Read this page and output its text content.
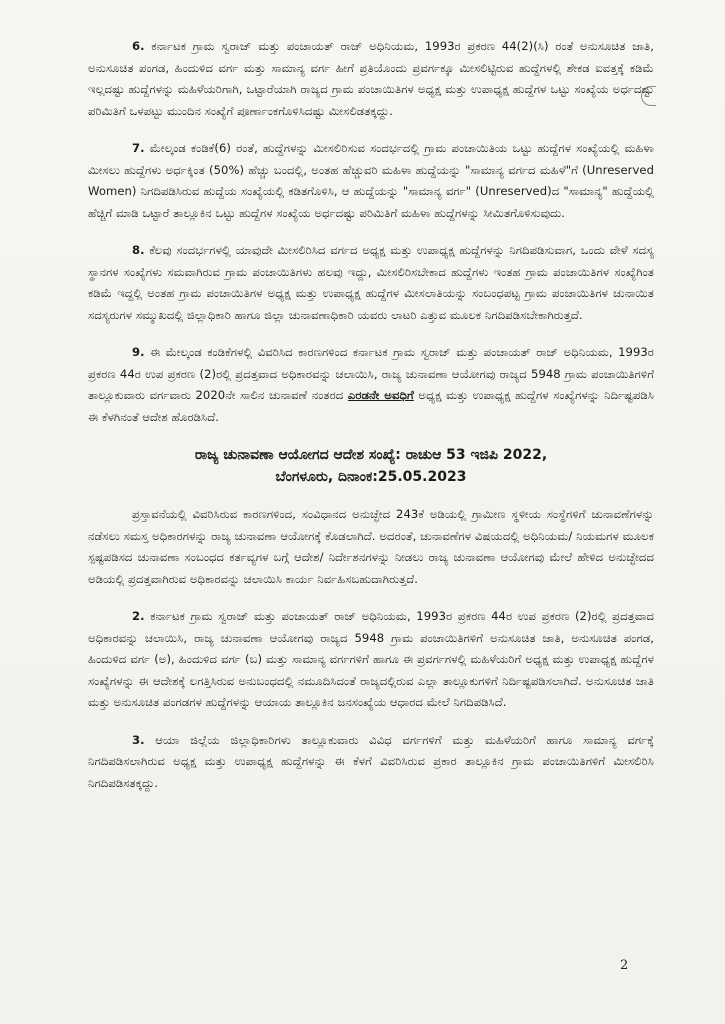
6. ಕರ್ನಾಟಕ ಗ್ರಾಮ ಸ್ವರಾಜ್ ಮತ್ತು ಪಂಚಾಯತ್ ರಾಜ್ ಅಧಿನಿಯಮ, 1993ರ ಪ್ರಕರಣ 44(2)(ಸಿ) ರಂತೆ ಅನುಸೂಚಿತ ಜಾತಿ, ಅನುಸೂಚಿತ ಪಂಗಡ, ಹಿಂದುಳಿದ ವರ್ಗ ಮತ್ತು ಸಾಮಾನ್ಯ ವರ್ಗ ಹೀಗೆ ಪ್ರತಿಯೊಂದು ಪ್ರವರ್ಗಕ್ಕೂ ಮೀಸಲಿಟ್ಟಿರುವ ಹುದ್ದೆಗಳಲ್ಲಿ ಶೇಕಡ ಐವತ್ತಕ್ಕೆ ಕಡಿಮೆ ಇಲ್ಲದಷ್ಟು ಹುದ್ದೆಗಳನ್ನು ಮಹಿಳೆಯರಿಗಾಗಿ, ಒಟ್ಟಾರೆಯಾಗಿ ರಾಜ್ಯದ ಗ್ರಾಮ ಪಂಚಾಯಿತಿಗಳ ಅಧ್ಯಕ್ಷ ಮತ್ತು ಉಪಾಧ್ಯಕ್ಷ ಹುದ್ದೆಗಳ ಒಟ್ಟು ಸಂಖ್ಯೆಯ ಅರ್ಧದಷ್ಟು ಪರಿಮಿತಿಗೆ ಒಳಪಟ್ಟು ಮುಂದಿನ ಸಂಖ್ಯೆಗೆ ಪೂರ್ಣಾಂಕಗೊಳಿಸಿದಷ್ಟು ಮೀಸಲಿಡತಕ್ಕದ್ದು.

7. ಮೇಲ್ಕಂಡ ಕಂಡಿಕೆ(6) ರಂತೆ, ಹುದ್ದೆಗಳನ್ನು ಮೀಸಲಿರಿಸುವ ಸಂದರ್ಭದಲ್ಲಿ ಗ್ರಾಮ ಪಂಚಾಯಿತಿಯ ಒಟ್ಟು ಹುದ್ದೆಗಳ ಸಂಖ್ಯೆಯಲ್ಲಿ ಮಹಿಳಾ ಮೀಸಲು ಹುದ್ದೆಗಳು ಅರ್ಧಕ್ಕಿಂತ (50%) ಹೆಚ್ಚು ಬಂದಲ್ಲಿ, ಅಂತಹ ಹೆಚ್ಚುವರಿ ಮಹಿಳಾ ಹುದ್ದೆಯನ್ನು "ಸಾಮಾನ್ಯ ವರ್ಗದ ಮಹಿಳೆ"ಗೆ (Unreserved Women) ನಿಗದಿಪಡಿಸಿರುವ ಹುದ್ದೆಯ ಸಂಖ್ಯೆಯಲ್ಲಿ ಕಡಿತಗೊಳಿಸಿ, ಆ ಹುದ್ದೆಯನ್ನು "ಸಾಮಾನ್ಯ ವರ್ಗ" (Unreserved)ದ "ಸಾಮಾನ್ಯ" ಹುದ್ದೆಯಲ್ಲಿ ಹೆಚ್ಚಿಗೆ ಮಾಡಿ ಒಟ್ಟಾರೆ ತಾಲ್ಲೂಕಿನ ಒಟ್ಟು ಹುದ್ದೆಗಳ ಸಂಖ್ಯೆಯ ಅರ್ಧದಷ್ಟು ಪರಿಮಿತಿಗೆ ಮಹಿಳಾ ಹುದ್ದೆಗಳನ್ನು ಸೀಮಿತಗೊಳಿಸುವುದು.

8. ಕೆಲವು ಸಂದರ್ಭಗಳಲ್ಲಿ ಯಾವುದೇ ಮೀಸಲಿರಿಸಿದ ವರ್ಗದ ಅಧ್ಯಕ್ಷ ಮತ್ತು ಉಪಾಧ್ಯಕ್ಷ ಹುದ್ದೆಗಳನ್ನು ನಿಗದಿಪಡಿಸುವಾಗ, ಒಂದು ವೇಳೆ ಸದಸ್ಯ ಸ್ಥಾನಗಳ ಸಂಖ್ಯೆಗಳು ಸಮವಾಗಿರುವ ಗ್ರಾಮ ಪಂಚಾಯಿತಿಗಳು ಹಲವು ಇದ್ದು, ಮೀಸಲಿರಿಸಬೇಕಾದ ಹುದ್ದೆಗಳು ಇಂತಹ ಗ್ರಾಮ ಪಂಚಾಯಿತಿಗಳ ಸಂಖ್ಯೆಗಿಂತ ಕಡಿಮೆ ಇದ್ದಲ್ಲಿ ಅಂತಹ ಗ್ರಾಮ ಪಂಚಾಯಿತಿಗಳ ಅಧ್ಯಕ್ಷ ಮತ್ತು ಉಪಾಧ್ಯಕ್ಷ ಹುದ್ದೆಗಳ ಮೀಸಲಾತಿಯನ್ನು ಸಂಬಂಧಪಟ್ಟ ಗ್ರಾಮ ಪಂಚಾಯಿತಿಗಳ ಚುನಾಯಿತ ಸದಸ್ಯರುಗಳ ಸಮ್ಮುಖದಲ್ಲಿ ಜಿಲ್ಲಾಧಿಕಾರಿ ಹಾಗೂ ಜಿಲ್ಲಾ ಚುನಾವಣಾಧಿಕಾರಿ ಯವರು ಲಾಟರಿ ಎತ್ತುವ ಮೂಲಕ ನಿಗದಿಪಡಿಸಬೇಕಾಗಿರುತ್ತದೆ.

9. ಈ ಮೇಲ್ಕಂಡ ಕಂಡಿಕೆಗಳಲ್ಲಿ ವಿವರಿಸಿದ ಕಾರಣಗಳಿಂದ ಕರ್ನಾಟಕ ಗ್ರಾಮ ಸ್ವರಾಜ್ ಮತ್ತು ಪಂಚಾಯತ್ ರಾಜ್ ಅಧಿನಿಯಮ, 1993ರ ಪ್ರಕರಣ 44ರ ಉಪ ಪ್ರಕರಣ (2)ರಲ್ಲಿ ಪ್ರದತ್ತವಾದ ಅಧಿಕಾರವನ್ನು ಚಲಾಯಿಸಿ, ರಾಜ್ಯ ಚುನಾವಣಾ ಆಯೋಗವು ರಾಜ್ಯದ 5948 ಗ್ರಾಮ ಪಂಚಾಯಿತಿಗಳಿಗೆ ತಾಲ್ಲೂಕುವಾರು ವರ್ಗವಾರು 2020ನೇ ಸಾಲಿನ ಚುನಾವಣೆ ನಂತರದ ಎರಡನೇ ಅವಧಿಗೆ ಅಧ್ಯಕ್ಷ ಮತ್ತು ಉಪಾಧ್ಯಕ್ಷ ಹುದ್ದೆಗಳ ಸಂಖ್ಯೆಗಳನ್ನು ನಿರ್ದಿಷ್ಟಪಡಿಸಿ ಈ ಕೆಳಗಿನಂತೆ ಆದೇಶ ಹೊರಡಿಸಿದೆ.

ರಾಜ್ಯ ಚುನಾವಣಾ ಆಯೋಗದ ಆದೇಶ ಸಂಖ್ಯೆ: ರಾಚುಆ 53 ಇಜಿಪಿ 2022,
ಬೆಂಗಳೂರು, ದಿನಾಂಕ:25.05.2023

ಪ್ರಸ್ತಾವನೆಯಲ್ಲಿ ವಿವರಿಸಿರುವ ಕಾರಣಗಳಿಂದ, ಸಂವಿಧಾನದ ಅನುಚ್ಛೇದ 243ಕೆ ಅಡಿಯಲ್ಲಿ ಗ್ರಾಮೀಣ ಸ್ಥಳೀಯ ಸಂಸ್ಥೆಗಳಿಗೆ ಚುನಾವಣೆಗಳನ್ನು ನಡೆಸಲು ಸಮಸ್ತ ಅಧಿಕಾರಗಳನ್ನು ರಾಜ್ಯ ಚುನಾವಣಾ ಆಯೋಗಕ್ಕೆ ಕೊಡಲಾಗಿದೆ. ಅದರಂತೆ, ಚುನಾವಣೆಗಳ ವಿಷಯದಲ್ಲಿ ಅಧಿನಿಯಮ/ ನಿಯಮಗಳ ಮೂಲಕ ಸ್ಪಷ್ಟಪಡಿಸದ ಚುನಾವಣಾ ಸಂಬಂಧದ ಕರ್ತವ್ಯಗಳ ಬಗ್ಗೆ ಆದೇಶ/ ನಿರ್ದೇಶನಗಳನ್ನು ನೀಡಲು ರಾಜ್ಯ ಚುನಾವಣಾ ಆಯೋಗವು ಮೇಲೆ ಹೇಳಿದ ಅನುಚ್ಛೇದದ ಅಡಿಯಲ್ಲಿ ಪ್ರದತ್ತವಾಗಿರುವ ಅಧಿಕಾರವನ್ನು ಚಲಾಯಿಸಿ ಕಾರ್ಯ ನಿರ್ವಹಿಸಬಹುದಾಗಿರುತ್ತದೆ.

2. ಕರ್ನಾಟಕ ಗ್ರಾಮ ಸ್ವರಾಜ್ ಮತ್ತು ಪಂಚಾಯತ್ ರಾಜ್ ಅಧಿನಿಯಮ, 1993ರ ಪ್ರಕರಣ 44ರ ಉಪ ಪ್ರಕರಣ (2)ರಲ್ಲಿ ಪ್ರದತ್ತವಾದ ಅಧಿಕಾರವನ್ನು ಚಲಾಯಿಸಿ, ರಾಜ್ಯ ಚುನಾವಣಾ ಆಯೋಗವು ರಾಜ್ಯದ 5948 ಗ್ರಾಮ ಪಂಚಾಯಿತಿಗಳಿಗೆ ಅನುಸೂಚಿತ ಜಾತಿ, ಅನುಸೂಚಿತ ಪಂಗಡ, ಹಿಂದುಳಿದ ವರ್ಗ (ಅ), ಹಿಂದುಳಿದ ವರ್ಗ (ಬ) ಮತ್ತು ಸಾಮಾನ್ಯ ವರ್ಗಗಳಿಗೆ ಹಾಗೂ ಈ ಪ್ರವರ್ಗಗಳಲ್ಲಿ ಮಹಿಳೆಯರಿಗೆ ಅಧ್ಯಕ್ಷ ಮತ್ತು ಉಪಾಧ್ಯಕ್ಷ ಹುದ್ದೆಗಳ ಸಂಖ್ಯೆಗಳನ್ನು ಈ ಆದೇಶಕ್ಕೆ ಲಗತ್ತಿಸಿರುವ ಅನುಬಂಧದಲ್ಲಿ ನಮೂದಿಸಿದಂತೆ ರಾಜ್ಯದಲ್ಲಿರುವ ಎಲ್ಲಾ ತಾಲ್ಲೂಕುಗಳಿಗೆ ನಿರ್ದಿಷ್ಟಪಡಿಸಲಾಗಿದೆ. ಅನುಸೂಚಿತ ಜಾತಿ ಮತ್ತು ಅನುಸೂಚಿತ ಪಂಗಡಗಳ ಹುದ್ದೆಗಳನ್ನು ಆಯಾಯ ತಾಲ್ಲೂಕಿನ ಜನಸಂಖ್ಯೆಯ ಆಧಾರದ ಮೇಲೆ ನಿಗದಿಪಡಿಸಿದೆ.

3. ಆಯಾ ಜಿಲ್ಲೆಯ ಜಿಲ್ಲಾಧಿಕಾರಿಗಳು ತಾಲ್ಲೂಕುವಾರು ವಿವಿಧ ವರ್ಗಗಳಿಗೆ ಮತ್ತು ಮಹಿಳೆಯರಿಗೆ ಹಾಗೂ ಸಾಮಾನ್ಯ ವರ್ಗಕ್ಕೆ ನಿಗದಿಪಡಿಸಲಾಗಿರುವ ಅಧ್ಯಕ್ಷ ಮತ್ತು ಉಪಾಧ್ಯಕ್ಷ ಹುದ್ದೆಗಳನ್ನು ಈ ಕೆಳಗೆ ವಿವರಿಸಿರುವ ಪ್ರಕಾರ ತಾಲ್ಲೂಕಿನ ಗ್ರಾಮ ಪಂಚಾಯಿತಿಗಳಿಗೆ ಮೀಸಲಿರಿಸಿ ನಿಗದಿಪಡಿಸತಕ್ಕದ್ದು.

2
